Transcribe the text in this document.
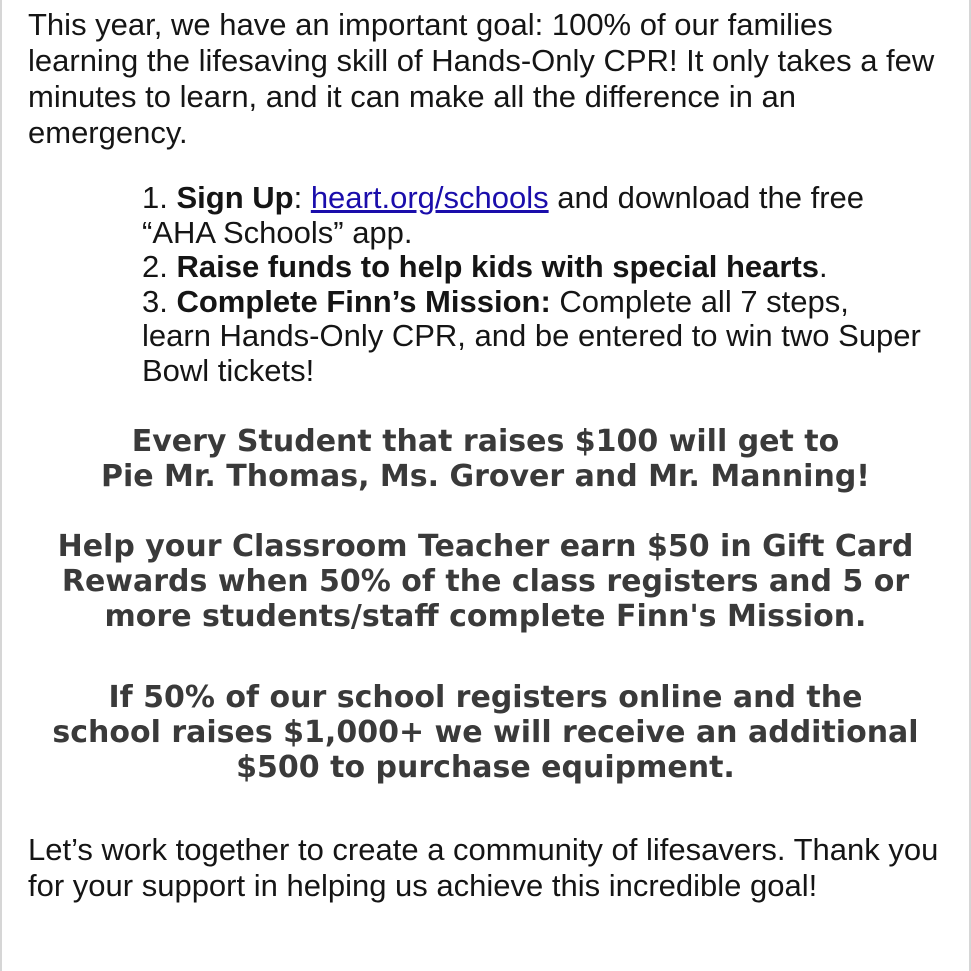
This year, we have an important goal: 100% of our families learning the lifesaving skill of Hands-Only CPR! It only takes a few minutes to learn, and it can make all the difference in an emergency.

1. Sign Up: heart.org/schools and download the free “AHA Schools” app.
2. Raise funds to help kids with special hearts.
3. Complete Finn’s Mission: Complete all 7 steps, learn Hands-Only CPR, and be entered to win two Super Bowl tickets!

Every Student that raises $100 will get to
Pie Mr. Thomas, Ms. Grover and Mr. Manning!

Help your Classroom Teacher earn $50 in Gift Card
Rewards when 50% of the class registers and 5 or
more students/staff complete Finn's Mission.

If 50% of our school registers online and the
school raises $1,000+ we will receive an additional
$500 to purchase equipment.

Let’s work together to create a community of lifesavers. Thank you for your support in helping us achieve this incredible goal!
